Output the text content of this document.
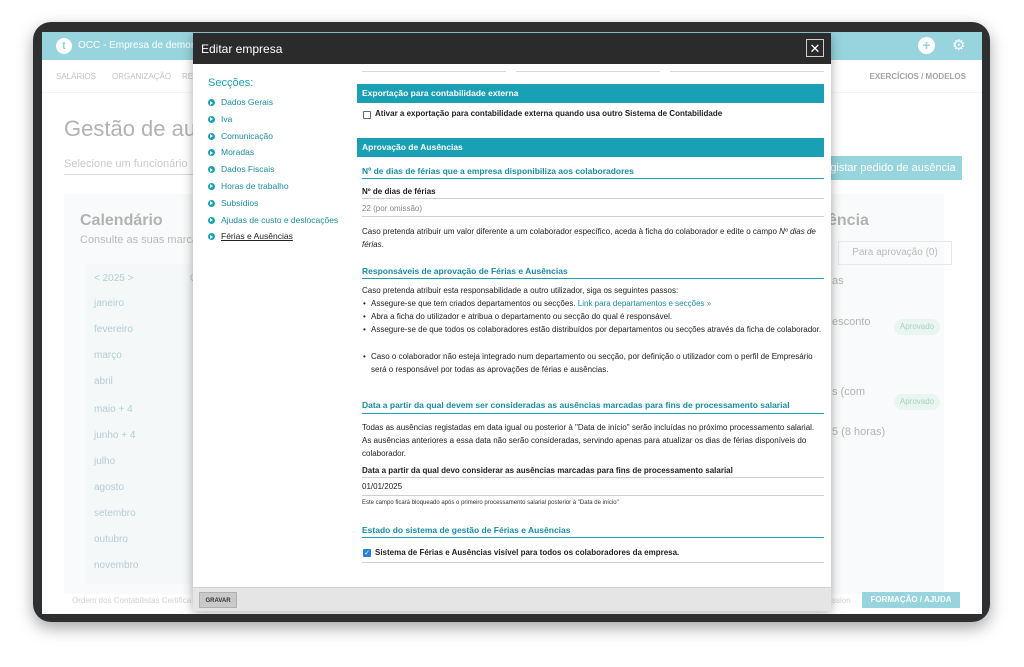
Editar empresa	✕
Secções:
Dados Gerais
Iva
Comunicação
Moradas
Dados Fiscais
Horas de trabalho
Subsídios
Ajudas de custo e deslocações
Férias e Ausências
Exportação para contabilidade externa
Ativar a exportação para contabilidade externa quando usa outro Sistema de Contabilidade
Aprovação de Ausências
Nº de dias de férias que a empresa disponibiliza aos colaboradores
Nº de dias de férias
22 (por omissão)
Caso pretenda atribuir um valor diferente a um colaborador específico, aceda à ficha do colaborador e edite o campo Nº dias de férias.
Responsáveis de aprovação de Férias e Ausências
Caso pretenda atribuir esta responsabilidade a outro utilizador, siga os seguintes passos:
• Assegure-se que tem criados departamentos ou secções. Link para departamentos e secções »
• Abra a ficha do utilizador e atribua o departamento ou secção do qual é responsável.
• Assegure-se de que todos os colaboradores estão distribuídos por departamentos ou secções através da ficha de colaborador.
• Caso o colaborador não esteja integrado num departamento ou secção, por definição o utilizador com o perfil de Empresário será o responsável por todas as aprovações de férias e ausências.
Data a partir da qual devem ser consideradas as ausências marcadas para fins de processamento salarial
Todas as ausências registadas em data igual ou posterior à "Data de início" serão incluídas no próximo processamento salarial. As ausências anteriores a essa data não serão consideradas, servindo apenas para atualizar os dias de férias disponíveis do colaborador.
Data a partir da qual devo considerar as ausências marcadas para fins de processamento salarial
01/01/2025
Este campo ficará bloqueado após o primeiro processamento salarial posterior à "Data de início"
Estado do sistema de gestão de Férias e Ausências
✓ Sistema de Férias e Ausências visível para todos os colaboradores da empresa.
GRAVAR
